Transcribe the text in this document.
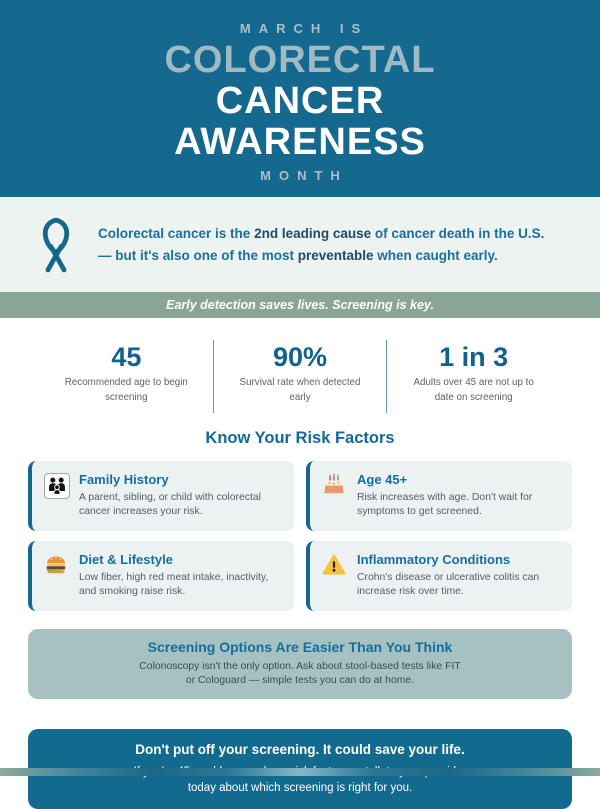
MARCH IS
COLORECTAL
CANCER
AWARENESS
MONTH
Colorectal cancer is the 2nd leading cause of cancer death in the U.S.
— but it's also one of the most preventable when caught early.
Early detection saves lives. Screening is key.
45
Recommended age to begin screening
90%
Survival rate when detected early
1 in 3
Adults over 45 are not up to date on screening
Know Your Risk Factors
Family History
A parent, sibling, or child with colorectal cancer increases your risk.
Age 45+
Risk increases with age. Don't wait for symptoms to get screened.
Diet & Lifestyle
Low fiber, high red meat intake, inactivity, and smoking raise risk.
Inflammatory Conditions
Crohn's disease or ulcerative colitis can increase risk over time.
Screening Options Are Easier Than You Think
Colonoscopy isn't the only option. Ask about stool-based tests like FIT or Cologuard — simple tests you can do at home.
Don't put off your screening. It could save your life.
today about which screening is right for you.
